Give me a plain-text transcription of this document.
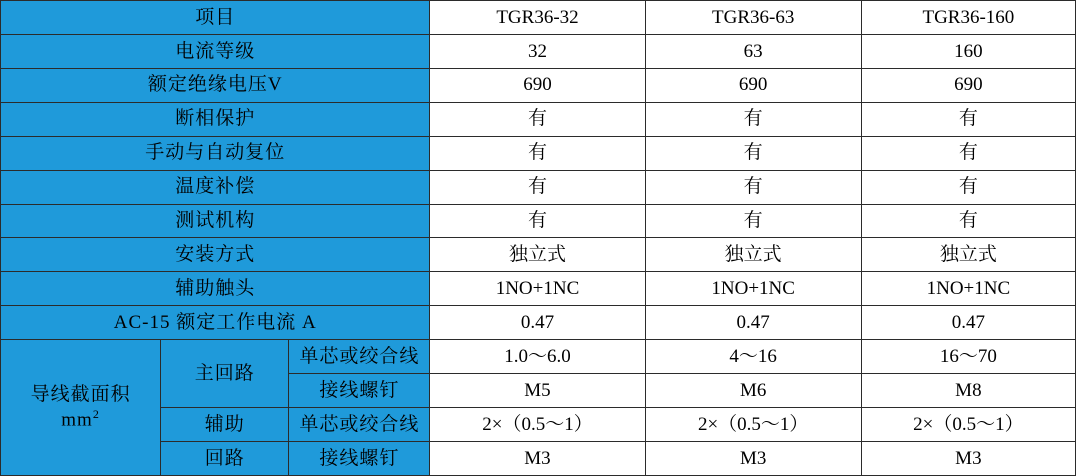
项目			TGR36-32	TGR36-63	TGR36-160
电流等级			32	63	160
额定绝缘电压V			690	690	690
断相保护			有	有	有
手动与自动复位			有	有	有
温度补偿			有	有	有
测试机构			有	有	有
安装方式			独立式	独立式	独立式
辅助触头			1NO+1NC	1NO+1NC	1NO+1NC
AC-15 额定工作电流 A			0.47	0.47	0.47
导线截面积
$mm^2$	主回路	单芯或绞合线	1.0～6.0	4～16	16～70
		接线螺钉	M5	M6	M8
	辅助	单芯或绞合线	2×（0.5～1）	2×（0.5～1）	2×（0.5～1）
	回路	接线螺钉	M3	M3	M3
